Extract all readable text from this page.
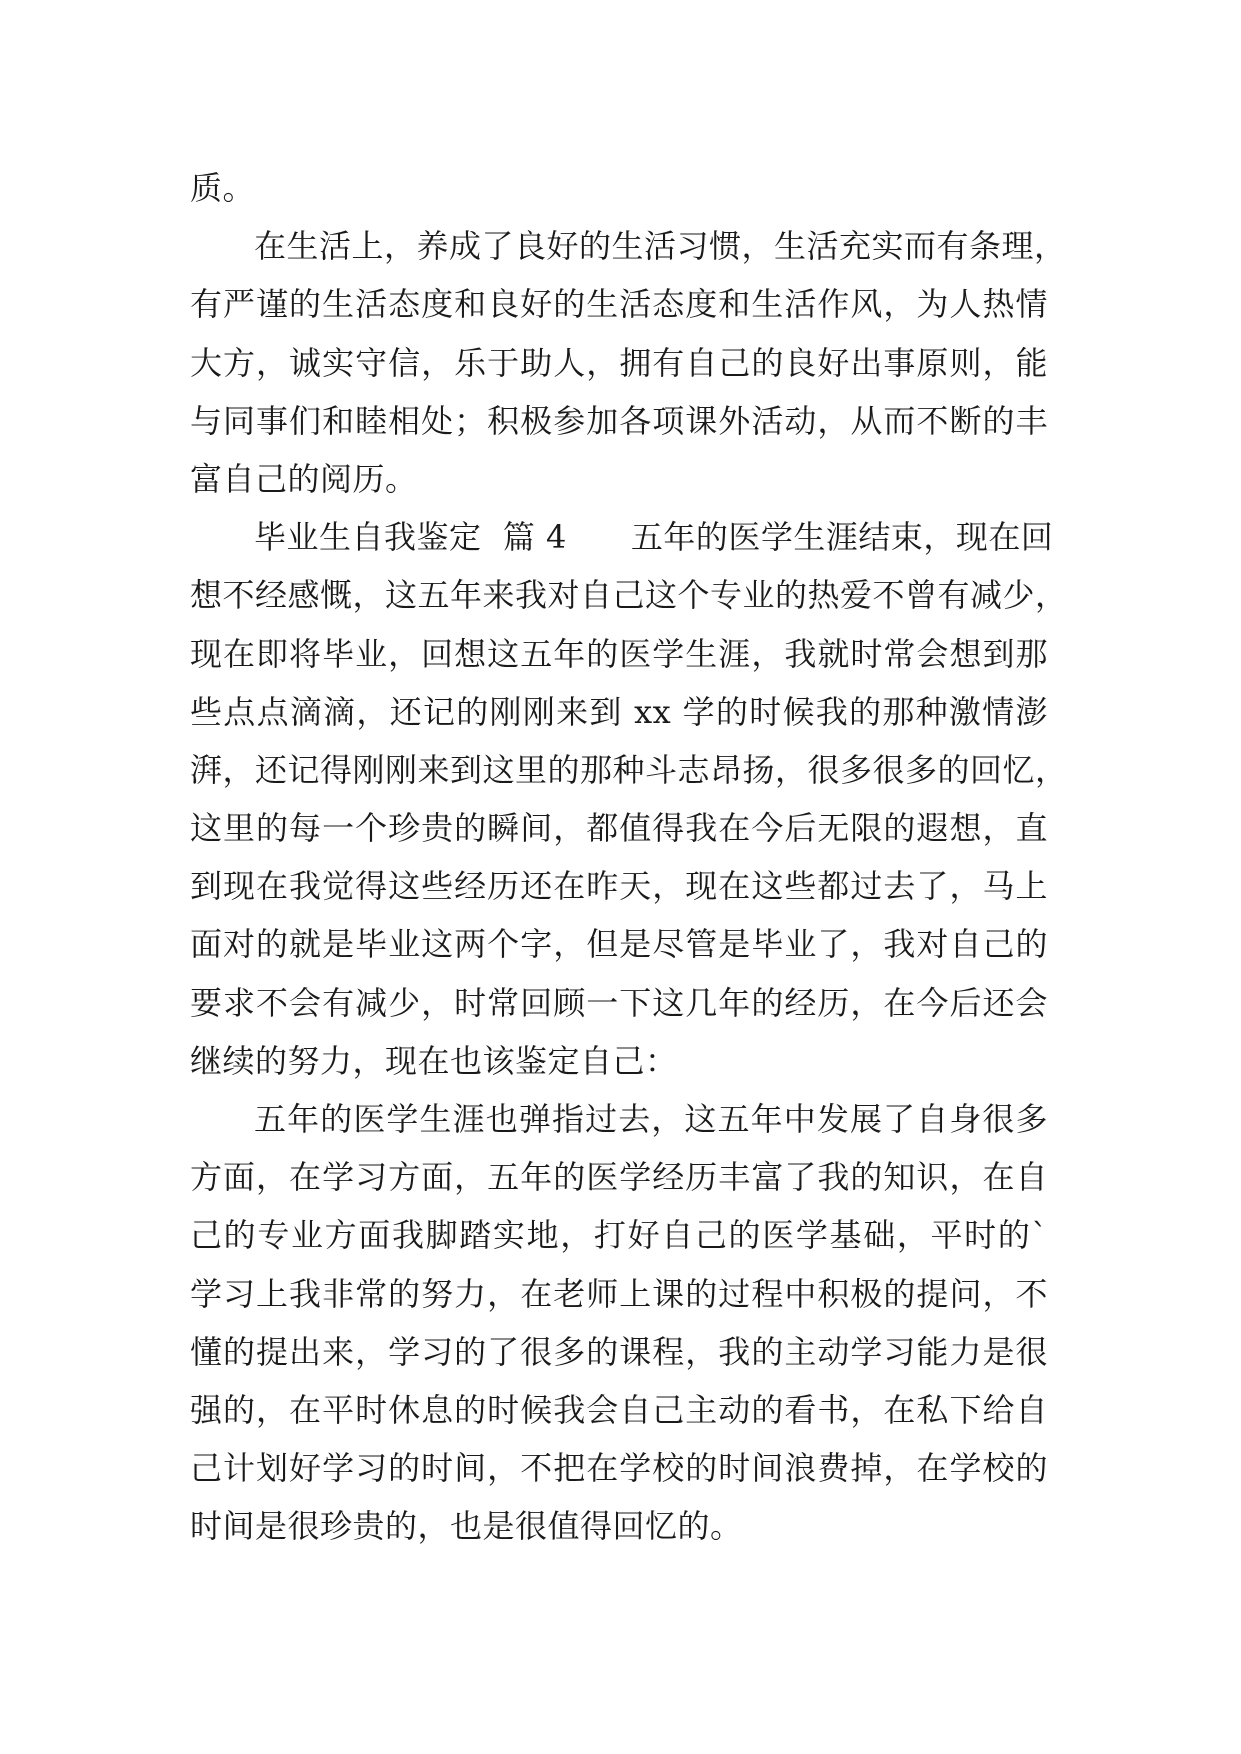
质。
在生活上，养成了良好的生活习惯，生活充实而有条理，
有严谨的生活态度和良好的生活态度和生活作风，为人热情
大方，诚实守信，乐于助人，拥有自己的良好出事原则，能
与同事们和睦相处；积极参加各项课外活动，从而不断的丰
富自己的阅历。
毕业生自我鉴定  篇 4      五年的医学生涯结束，现在回
想不经感慨，这五年来我对自己这个专业的热爱不曾有减少，
现在即将毕业，回想这五年的医学生涯，我就时常会想到那
些点点滴滴，还记的刚刚来到 xx 学的时候我的那种激情澎
湃，还记得刚刚来到这里的那种斗志昂扬，很多很多的回忆，
这里的每一个珍贵的瞬间，都值得我在今后无限的遐想，直
到现在我觉得这些经历还在昨天，现在这些都过去了，马上
面对的就是毕业这两个字，但是尽管是毕业了，我对自己的
要求不会有减少，时常回顾一下这几年的经历，在今后还会
继续的努力，现在也该鉴定自己：
五年的医学生涯也弹指过去，这五年中发展了自身很多
方面，在学习方面，五年的医学经历丰富了我的知识，在自
己的专业方面我脚踏实地，打好自己的医学基础，平时的`
学习上我非常的努力，在老师上课的过程中积极的提问，不
懂的提出来，学习的了很多的课程，我的主动学习能力是很
强的，在平时休息的时候我会自己主动的看书，在私下给自
己计划好学习的时间，不把在学校的时间浪费掉，在学校的
时间是很珍贵的，也是很值得回忆的。
